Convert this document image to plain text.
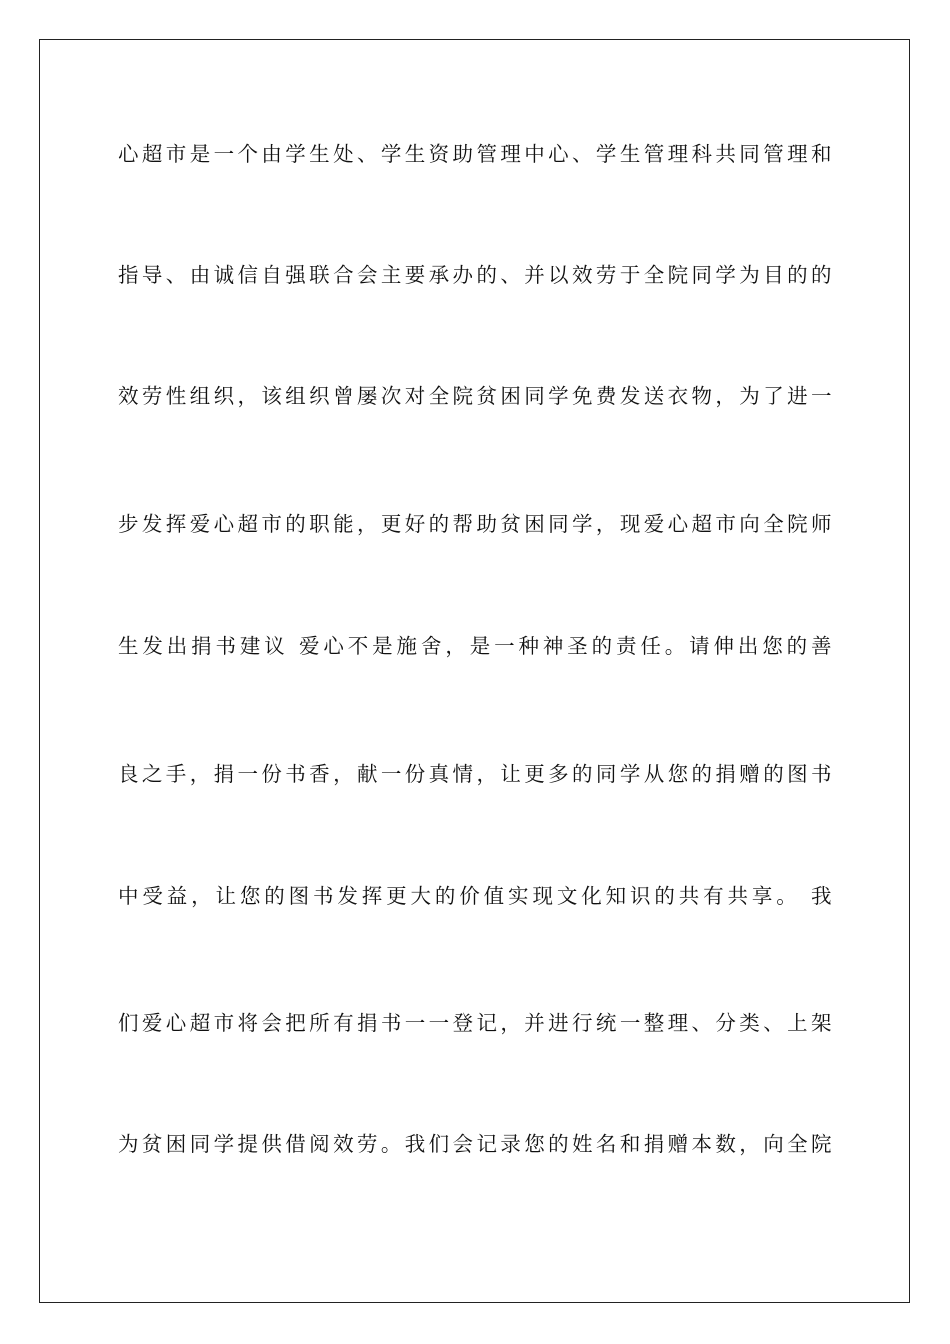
心超市是一个由学生处、学生资助管理中心、学生管理科共同管理和
指导、由诚信自强联合会主要承办的、并以效劳于全院同学为目的的
效劳性组织，该组织曾屡次对全院贫困同学免费发送衣物，为了进一
步发挥爱心超市的职能，更好的帮助贫困同学，现爱心超市向全院师
生发出捐书建议 爱心不是施舍，是一种神圣的责任。请伸出您的善
良之手，捐一份书香，献一份真情，让更多的同学从您的捐赠的图书
中受益，让您的图书发挥更大的价值实现文化知识的共有共享。 我
们爱心超市将会把所有捐书一一登记，并进行统一整理、分类、上架
为贫困同学提供借阅效劳。我们会记录您的姓名和捐赠本数，向全院
